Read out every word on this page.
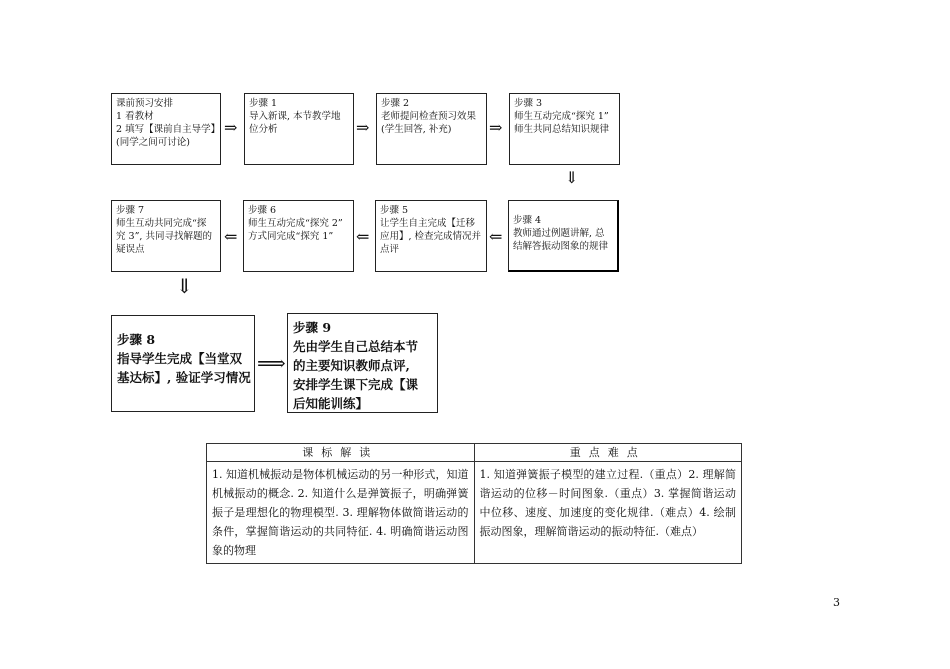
课前预习安排
1 看教材
2 填写【课前自主导学】
(同学之间可讨论)
⇒
步骤 1
导入新课, 本节教学地
位分析	⇒
步骤 2
老师提问检查预习效果
(学生回答, 补充)	⇒
步骤 3
师生互动完成“探究 1”
师生共同总结知识规律
⇓
步骤 7
师生互动共同完成“探
究 3”, 共同寻找解题的
疑误点
⇐
步骤 6
师生互动完成“探究 2”
方式同完成“探究 1”	⇐
步骤 5
让学生自主完成【迁移
应用】, 检查完成情况并
点评
⇐
步骤 4
教师通过例题讲解, 总
结解答振动图象的规律
⇓
步骤 8
指导学生完成【当堂双
基达标】, 验证学习情况
⟹
步骤 9
先由学生自己总结本节
的主要知识教师点评,
安排学生课下完成【课
后知能训练】
课标解读	重点难点
1. 知道机械振动是物体机械运动的另一种形式，知道机械振动的概念. 2. 知道什么是弹簧振子，明确弹簧振子是理想化的物理模型. 3. 理解物体做简谐运动的条件，掌握简谐运动的共同特征. 4. 明确简谐运动图象的物理	1. 知道弹簧振子模型的建立过程.（重点）2. 理解简谐运动的位移－时间图象.（重点）3. 掌握简谐运动中位移、速度、加速度的变化规律.（难点）4. 绘制振动图象，理解简谐运动的振动特征.（难点）
3
